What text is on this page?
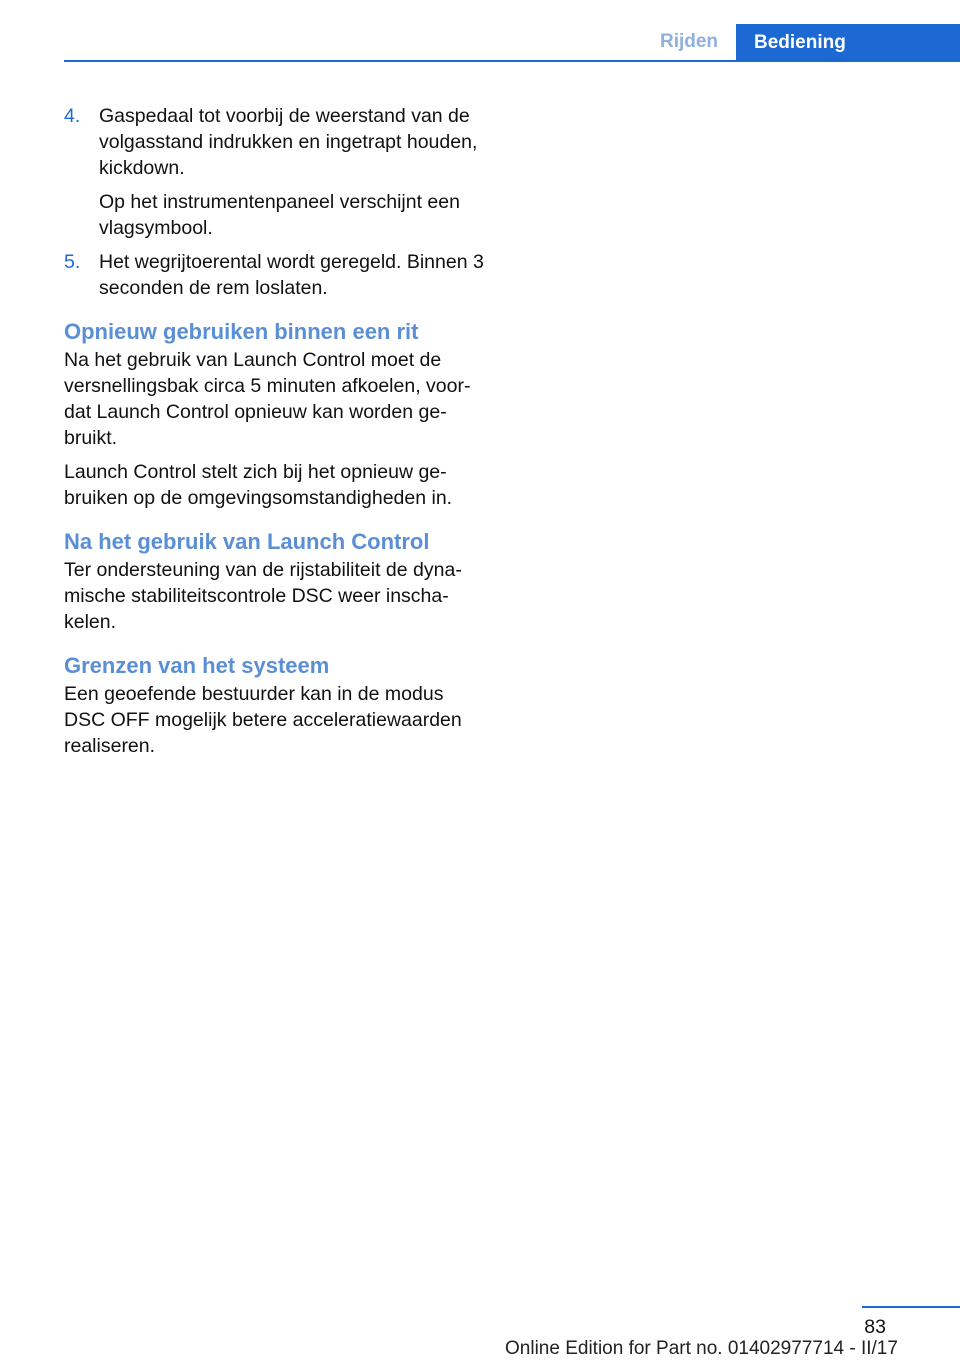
Rijden	Bediening
4. Gaspedaal tot voorbij de weerstand van de volgasstand indrukken en ingetrapt houden, kickdown.

Op het instrumentenpaneel verschijnt een vlagsymbool.

5. Het wegrijtoerental wordt geregeld. Binnen 3 seconden de rem loslaten.

Opnieuw gebruiken binnen een rit

Na het gebruik van Launch Control moet de versnellingsbak circa 5 minuten afkoelen, voordat Launch Control opnieuw kan worden gebruikt.

Launch Control stelt zich bij het opnieuw gebruiken op de omgevingsomstandigheden in.

Na het gebruik van Launch Control

Ter ondersteuning van de rijstabiliteit de dynamische stabiliteitscontrole DSC weer inschakelen.

Grenzen van het systeem

Een geoefende bestuurder kan in de modus DSC OFF mogelijk betere acceleratiewaarden realiseren.

83
Online Edition for Part no. 01402977714 - II/17
